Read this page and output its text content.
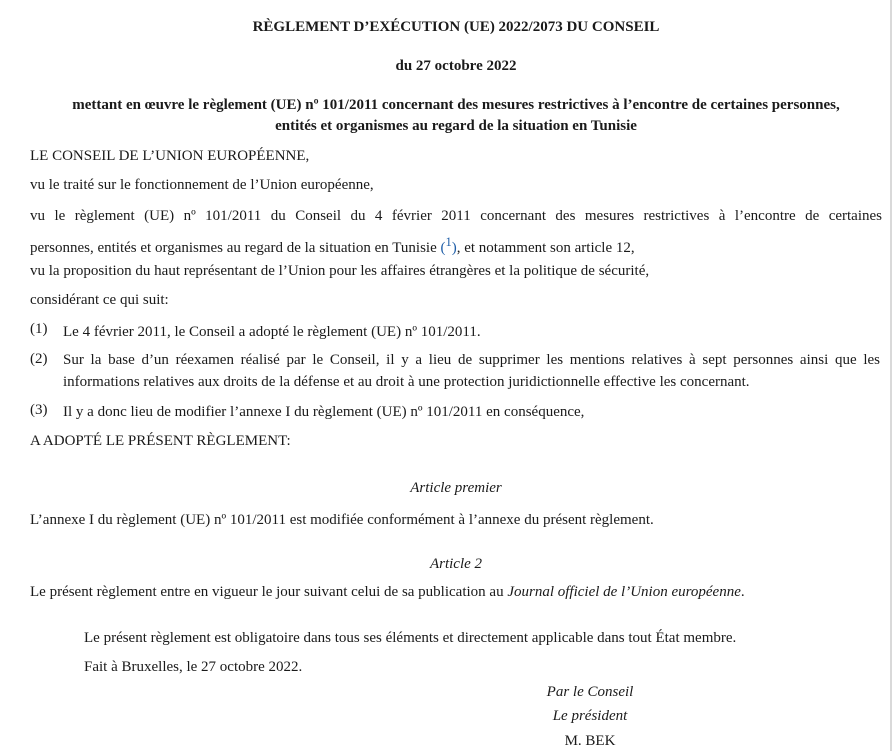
RÈGLEMENT D’EXÉCUTION (UE) 2022/2073 DU CONSEIL
du 27 octobre 2022
mettant en œuvre le règlement (UE) nº 101/2011 concernant des mesures restrictives à l’encontre de certaines personnes,
entités et organismes au regard de la situation en Tunisie

LE CONSEIL DE L’UNION EUROPÉENNE,

vu le traité sur le fonctionnement de l’Union européenne,

vu le règlement (UE) nº 101/2011 du Conseil du 4 février 2011 concernant des mesures restrictives à l’encontre de certaines

personnes, entités et organismes au regard de la situation en Tunisie ($^1$), et notamment son article 12,

vu la proposition du haut représentant de l’Union pour les affaires étrangères et la politique de sécurité,

considérant ce qui suit:

(1) Le 4 février 2011, le Conseil a adopté le règlement (UE) nº 101/2011.

(2) Sur la base d’un réexamen réalisé par le Conseil, il y a lieu de supprimer les mentions relatives à sept personnes ainsi que les informations relatives aux droits de la défense et au droit à une protection juridictionnelle effective les concernant.

(3) Il y a donc lieu de modifier l’annexe I du règlement (UE) nº 101/2011 en conséquence,

A ADOPTÉ LE PRÉSENT RÈGLEMENT:

Article premier

L’annexe I du règlement (UE) nº 101/2011 est modifiée conformément à l’annexe du présent règlement.

Article 2

Le présent règlement entre en vigueur le jour suivant celui de sa publication au Journal officiel de l’Union européenne.

Le présent règlement est obligatoire dans tous ses éléments et directement applicable dans tout État membre.

Fait à Bruxelles, le 27 octobre 2022.

Par le Conseil
Le président
M. BEK
